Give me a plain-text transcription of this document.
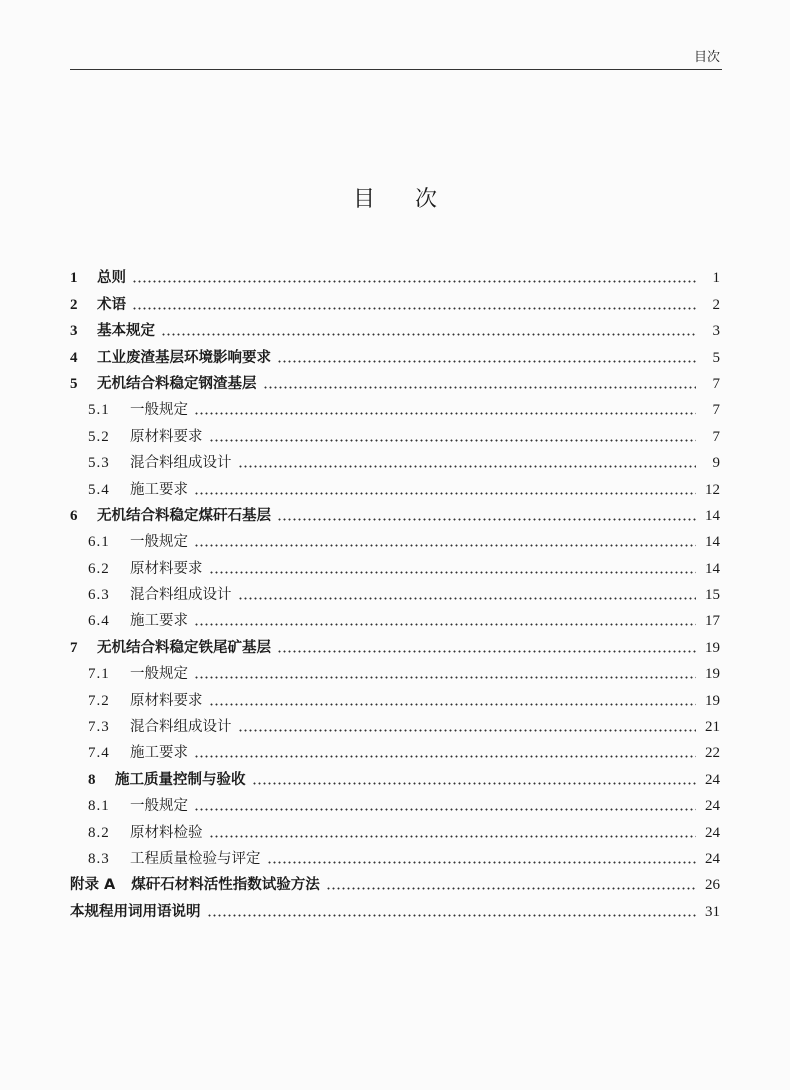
目次
目次
1	总则	1
2	术语	2
3	基本规定	3
4	工业废渣基层环境影响要求	5
5	无机结合料稳定钢渣基层	7
5.1	一般规定	7
5.2	原材料要求	7
5.3	混合料组成设计	9
5.4	施工要求	12
6	无机结合料稳定煤矸石基层	14
6.1	一般规定	14
6.2	原材料要求	14
6.3	混合料组成设计	15
6.4	施工要求	17
7	无机结合料稳定铁尾矿基层	19
7.1	一般规定	19
7.2	原材料要求	19
7.3	混合料组成设计	21
7.4	施工要求	22
8	施工质量控制与验收	24
8.1	一般规定	24
8.2	原材料检验	24
8.3	工程质量检验与评定	24
附录 A 煤矸石材料活性指数试验方法	26
本规程用词用语说明	31
